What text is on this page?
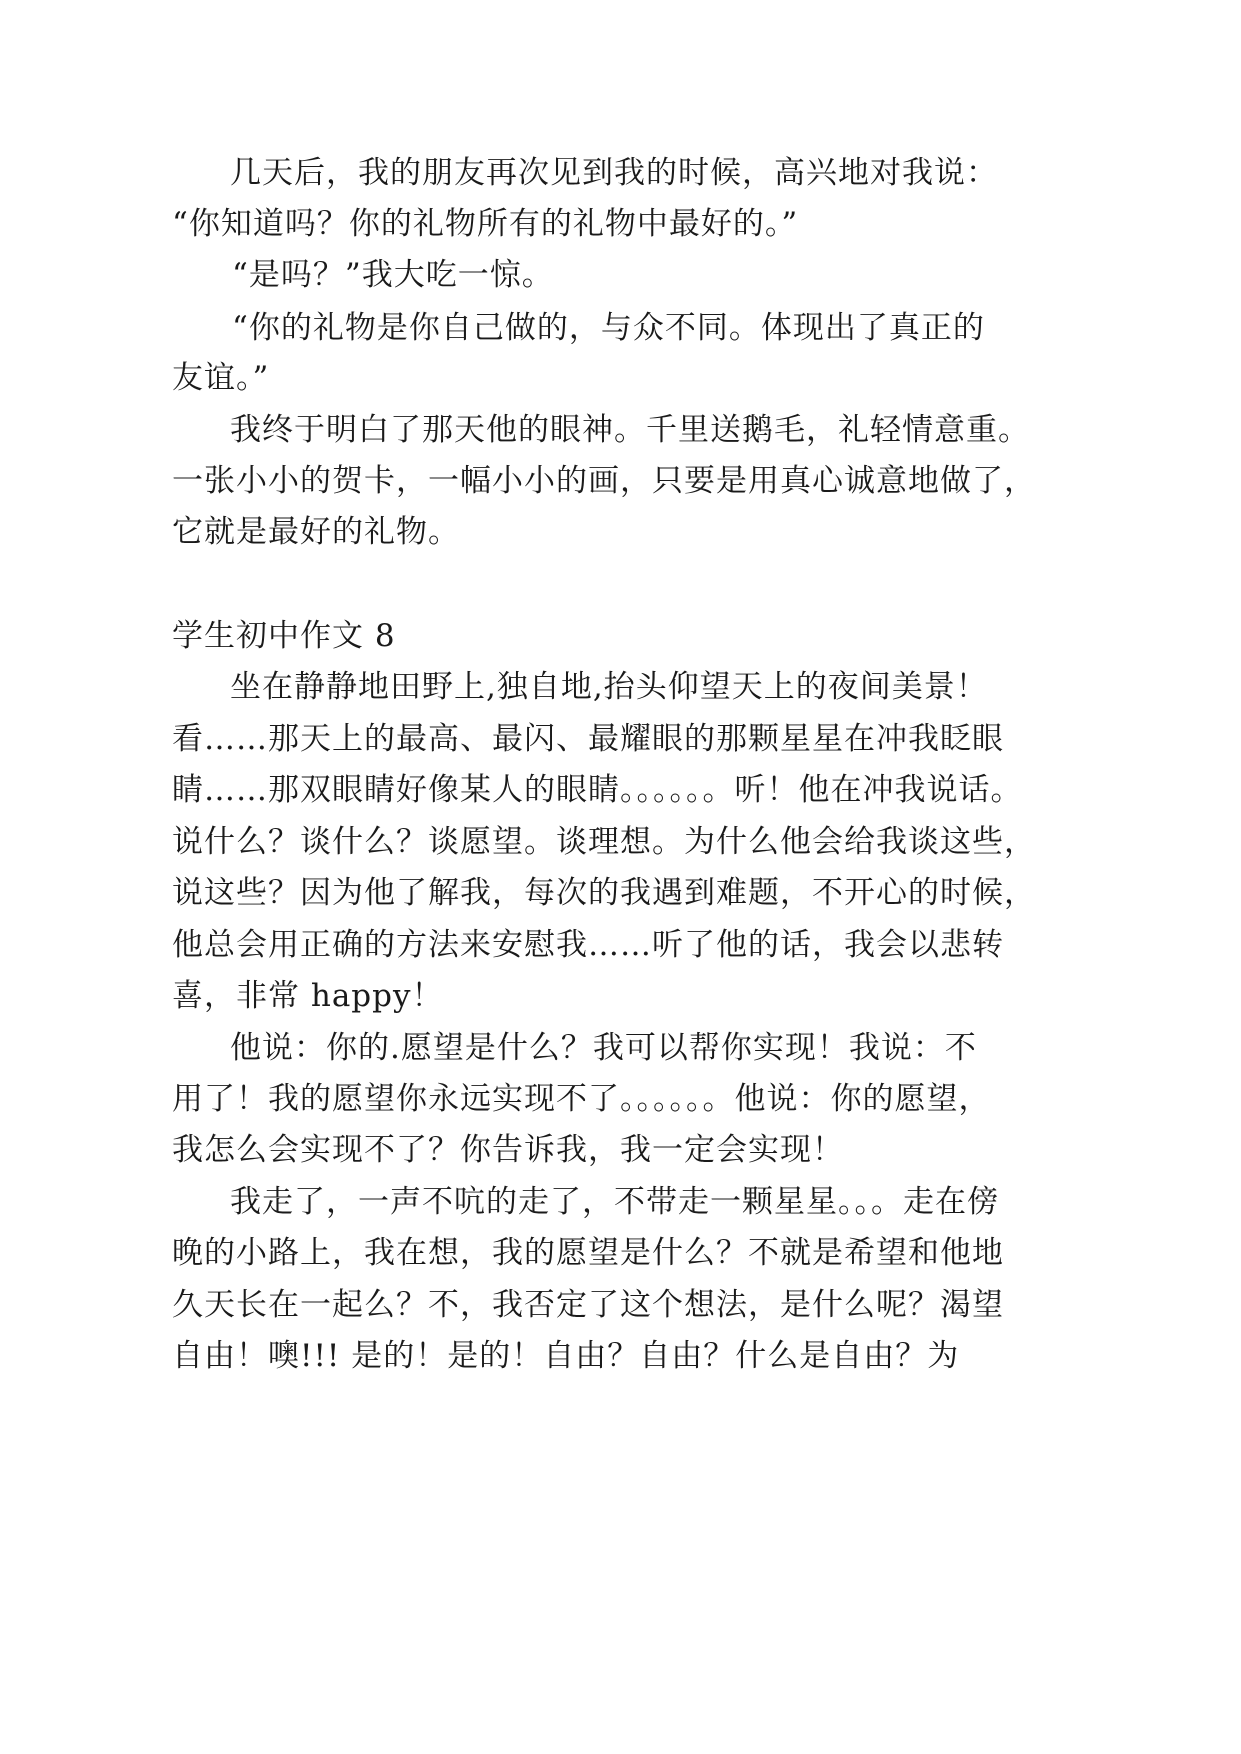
几天后，我的朋友再次见到我的时候，高兴地对我说：
“你知道吗？你的礼物所有的礼物中最好的。”
“是吗？”我大吃一惊。
“你的礼物是你自己做的，与众不同。体现出了真正的
友谊。”
我终于明白了那天他的眼神。千里送鹅毛，礼轻情意重。
一张小小的贺卡，一幅小小的画，只要是用真心诚意地做了，
它就是最好的礼物。
学生初中作文 8
坐在静静地田野上,独自地,抬头仰望天上的夜间美景！
看……那天上的最高、最闪、最耀眼的那颗星星在冲我眨眼
睛……那双眼睛好像某人的眼睛。。。。。。听！他在冲我说话。
说什么？谈什么？谈愿望。谈理想。为什么他会给我谈这些，
说这些？因为他了解我，每次的我遇到难题，不开心的时候，
他总会用正确的方法来安慰我……听了他的话，我会以悲转
喜，非常 happy！
他说：你的.愿望是什么？我可以帮你实现！我说：不
用了！我的愿望你永远实现不了。。。。。。他说：你的愿望，
我怎么会实现不了？你告诉我，我一定会实现！
我走了，一声不吭的走了，不带走一颗星星。。。走在傍
晚的小路上，我在想，我的愿望是什么？不就是希望和他地
久天长在一起么？不，我否定了这个想法，是什么呢？渴望
自由！噢!!! 是的！是的！自由？自由？什么是自由？为
